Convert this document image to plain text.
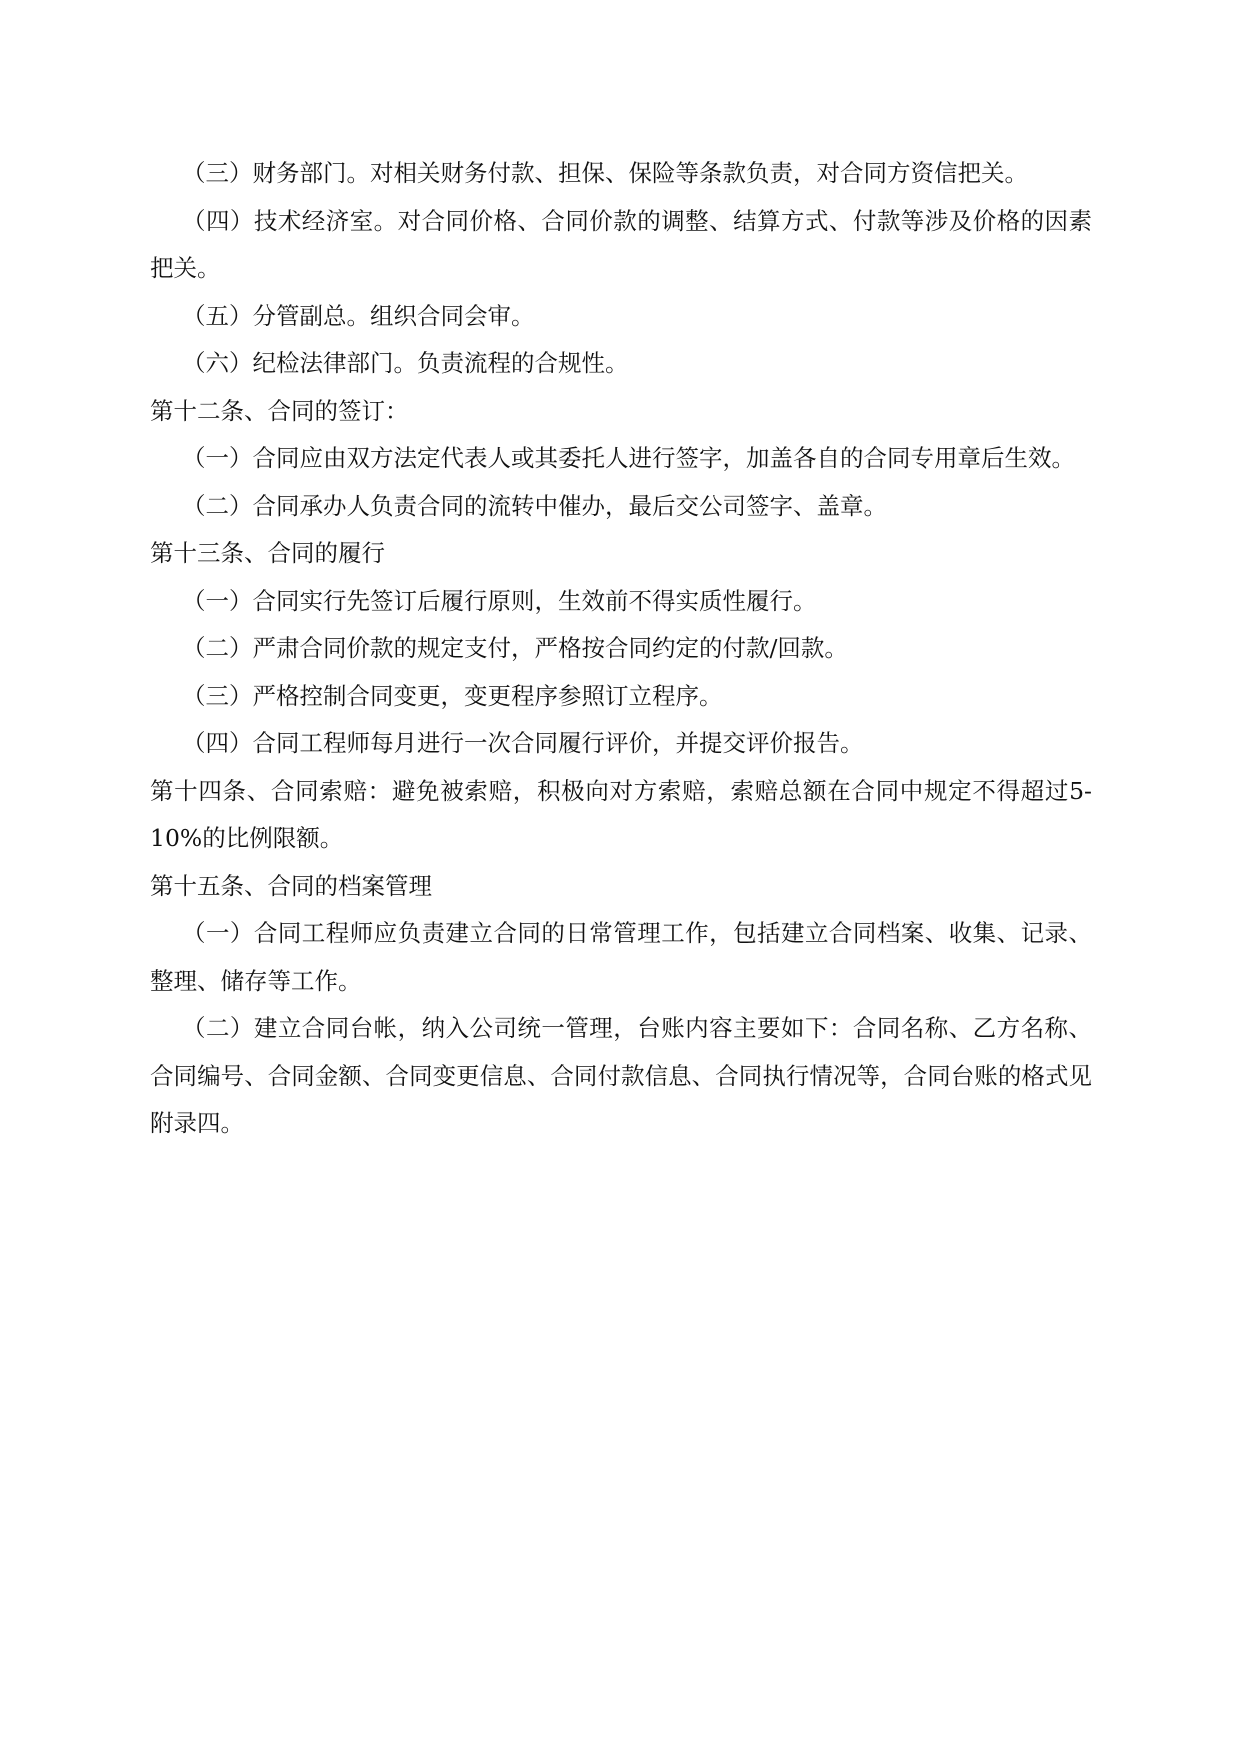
（三）财务部门。对相关财务付款、担保、保险等条款负责，对合同方资信把关。

（四）技术经济室。对合同价格、合同价款的调整、结算方式、付款等涉及价格的因素把关。

（五）分管副总。组织合同会审。

（六）纪检法律部门。负责流程的合规性。

第十二条、合同的签订：

（一）合同应由双方法定代表人或其委托人进行签字，加盖各自的合同专用章后生效。

（二）合同承办人负责合同的流转中催办，最后交公司签字、盖章。

第十三条、合同的履行

（一）合同实行先签订后履行原则，生效前不得实质性履行。

（二）严肃合同价款的规定支付，严格按合同约定的付款/回款。

（三）严格控制合同变更，变更程序参照订立程序。

（四）合同工程师每月进行一次合同履行评价，并提交评价报告。

第十四条、合同索赔：避免被索赔，积极向对方索赔，索赔总额在合同中规定不得超过5-10%的比例限额。

第十五条、合同的档案管理

（一）合同工程师应负责建立合同的日常管理工作，包括建立合同档案、收集、记录、整理、储存等工作。

（二）建立合同台帐，纳入公司统一管理，台账内容主要如下：合同名称、乙方名称、合同编号、合同金额、合同变更信息、合同付款信息、合同执行情况等，合同台账的格式见附录四。
